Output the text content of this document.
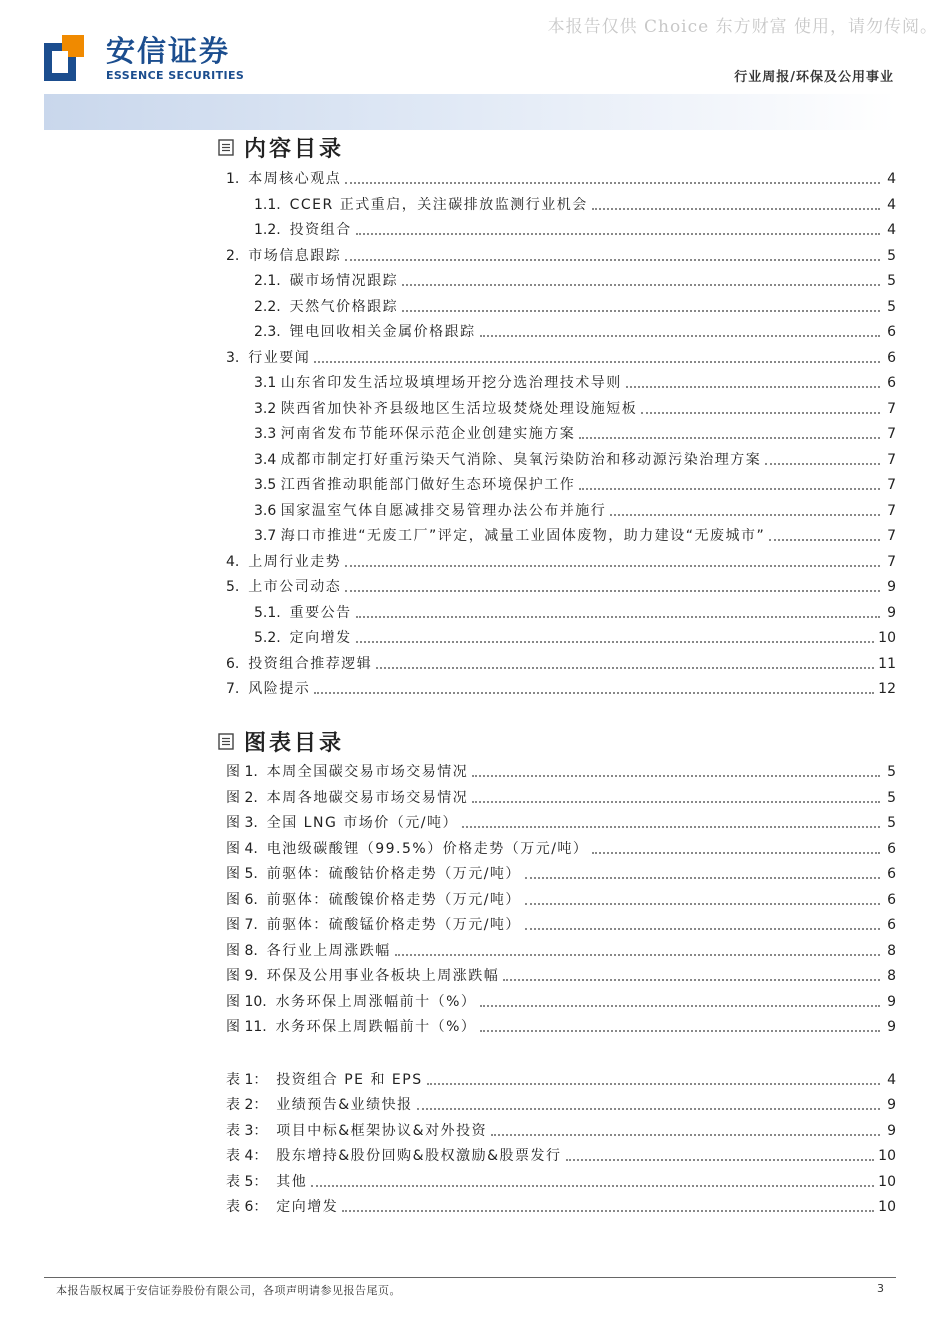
本报告仅供 Choice 东方财富 使用，请勿传阅。
安信证券
ESSENCE SECURITIES	行业周报/环保及公用事业
内容目录
1. 本周核心观点	4
1.1. CCER 正式重启，关注碳排放监测行业机会	4
1.2. 投资组合	4
2. 市场信息跟踪	5
2.1. 碳市场情况跟踪	5
2.2. 天然气价格跟踪	5
2.3. 锂电回收相关金属价格跟踪	6
3. 行业要闻	6
3.1 山东省印发生活垃圾填埋场开挖分选治理技术导则	6
3.2 陕西省加快补齐县级地区生活垃圾焚烧处理设施短板	7
3.3 河南省发布节能环保示范企业创建实施方案	7
3.4 成都市制定打好重污染天气消除、臭氧污染防治和移动源污染治理方案	7
3.5 江西省推动职能部门做好生态环境保护工作	7
3.6 国家温室气体自愿减排交易管理办法公布并施行	7
3.7 海口市推进“无废工厂”评定，减量工业固体废物，助力建设“无废城市”	7
4. 上周行业走势	7
5. 上市公司动态	9
5.1. 重要公告	9
5.2. 定向增发	10
6. 投资组合推荐逻辑	11
7. 风险提示	12
图表目录
图 1. 本周全国碳交易市场交易情况	5
图 2. 本周各地碳交易市场交易情况	5
图 3. 全国 LNG 市场价（元/吨）	5
图 4. 电池级碳酸锂（99.5%）价格走势（万元/吨）	6
图 5. 前驱体：硫酸钴价格走势（万元/吨）	6
图 6. 前驱体：硫酸镍价格走势（万元/吨）	6
图 7. 前驱体：硫酸锰价格走势（万元/吨）	6
图 8. 各行业上周涨跌幅	8
图 9. 环保及公用事业各板块上周涨跌幅	8
图 10. 水务环保上周涨幅前十（%）	9
图 11. 水务环保上周跌幅前十（%）	9
表 1： 投资组合 PE 和 EPS	4
表 2： 业绩预告&业绩快报	9
表 3： 项目中标&框架协议&对外投资	9
表 4： 股东增持&股份回购&股权激励&股票发行	10
表 5： 其他	10
表 6： 定向增发	10
本报告版权属于安信证券股份有限公司，各项声明请参见报告尾页。	3
